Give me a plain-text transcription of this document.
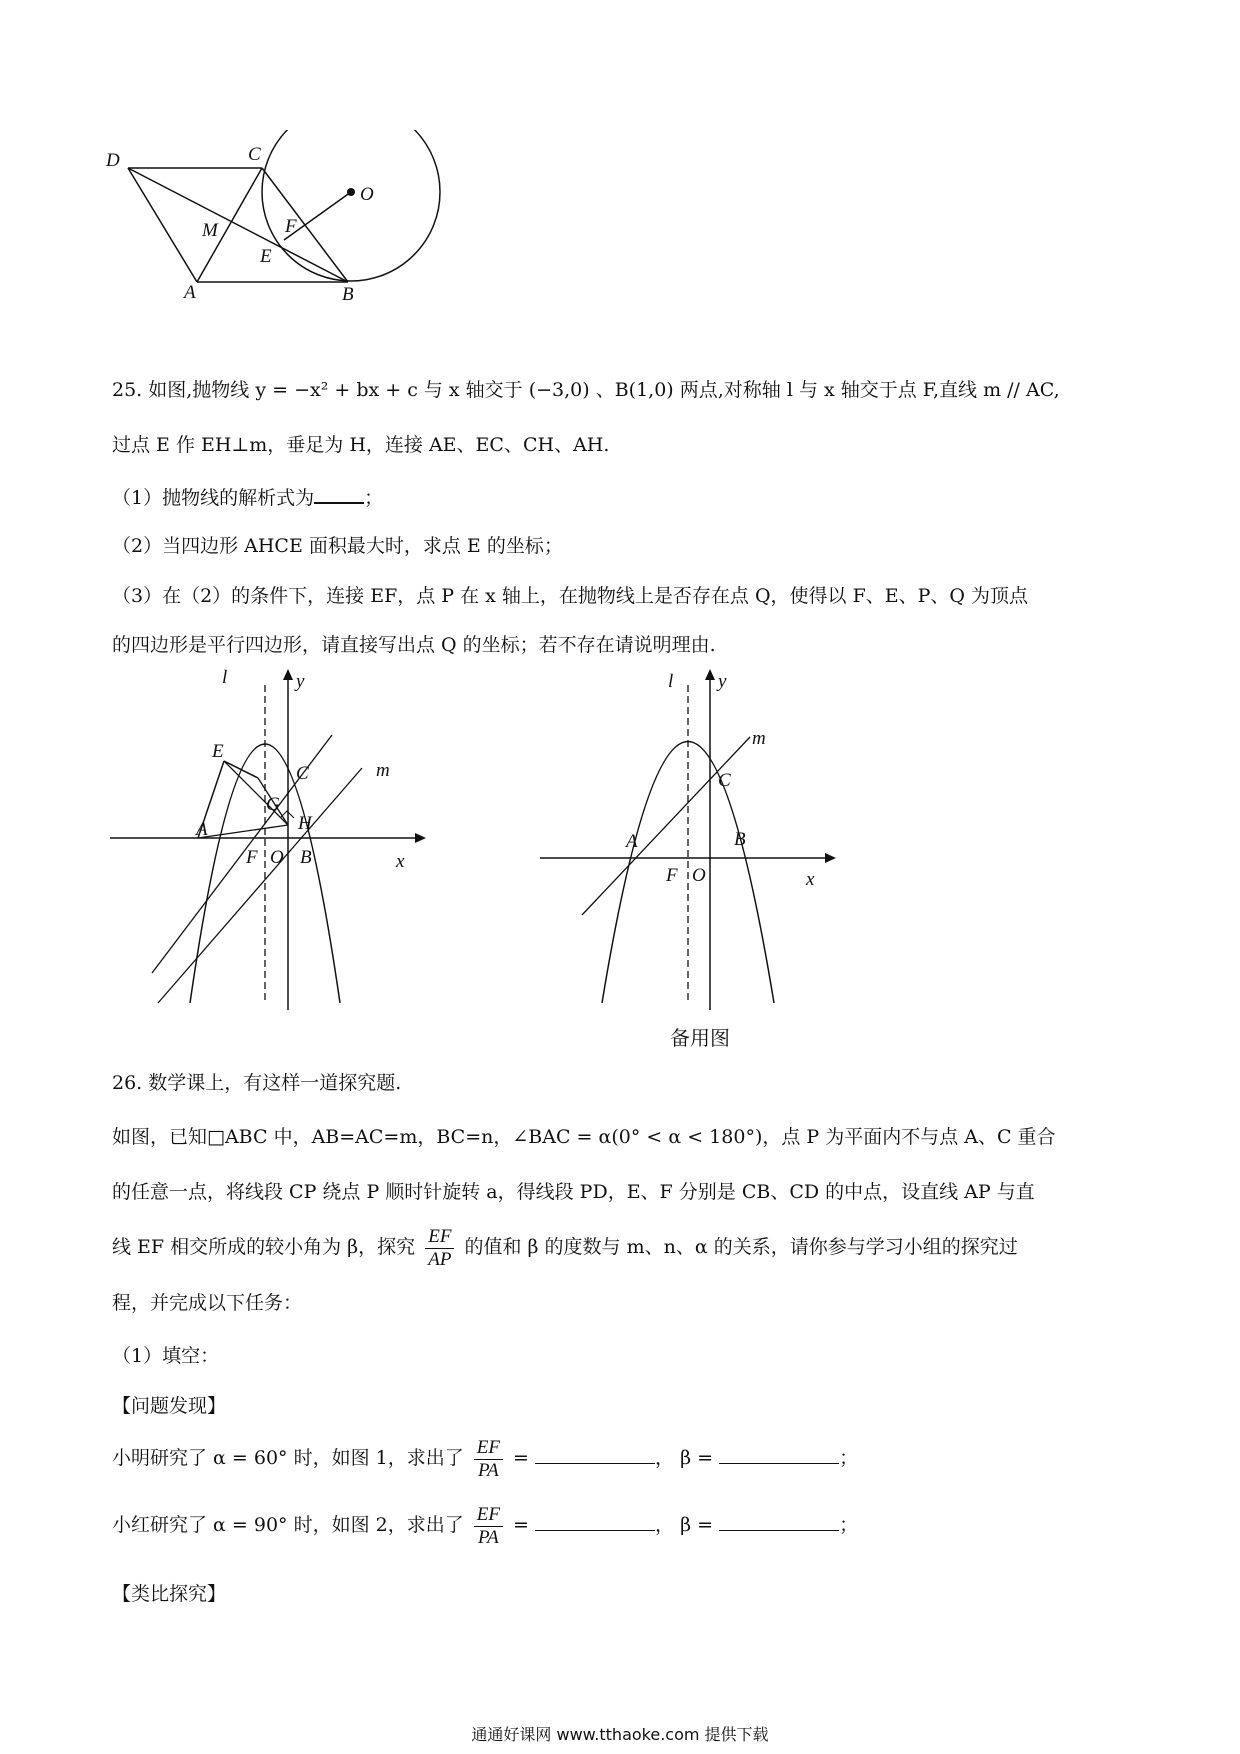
D	C
O
M	F
E
A	B
25. 如图,抛物线 y = −x² + bx + c 与 x 轴交于 (−3,0) 、B(1,0) 两点,对称轴 l 与 x 轴交于点 F,直线 m // AC,
过点 E 作 EH⊥m，垂足为 H，连接 AE、EC、CH、AH.
（1）抛物线的解析式为	；
（2）当四边形 AHCE 面积最大时，求点 E 的坐标；
（3）在（2）的条件下，连接 EF，点 P 在 x 轴上，在抛物线上是否存在点 Q，使得以 F、E、P、Q 为顶点
的四边形是平行四边形，请直接写出点 Q 的坐标；若不存在请说明理由.
l	y
E
C	m
G
A	H
F O B	x
l y
m
C
A	B
F O	x
备用图
26. 数学课上，有这样一道探究题.
如图，已知□ABC 中，AB=AC=m，BC=n，∠BAC = α(0° < α < 180°)，点 P 为平面内不与点 A、C 重合
的任意一点，将线段 CP 绕点 P 顺时针旋转 a，得线段 PD，E、F 分别是 CB、CD 的中点，设直线 AP 与直
线 EF 相交所成的较小角为 β，探究 $\frac{EF}{AP}$ 的值和 β 的度数与 m、n、α 的关系，请你参与学习小组的探究过
程，并完成以下任务：
（1）填空：
【问题发现】
小明研究了 α = 60° 时，如图 1，求出了 $\frac{EF}{PA}$ =	， β =	；
小红研究了 α = 90° 时，如图 2，求出了 $\frac{EF}{PA}$ =	， β =	；
【类比探究】
通通好课网 www.tthaoke.com 提供下载
